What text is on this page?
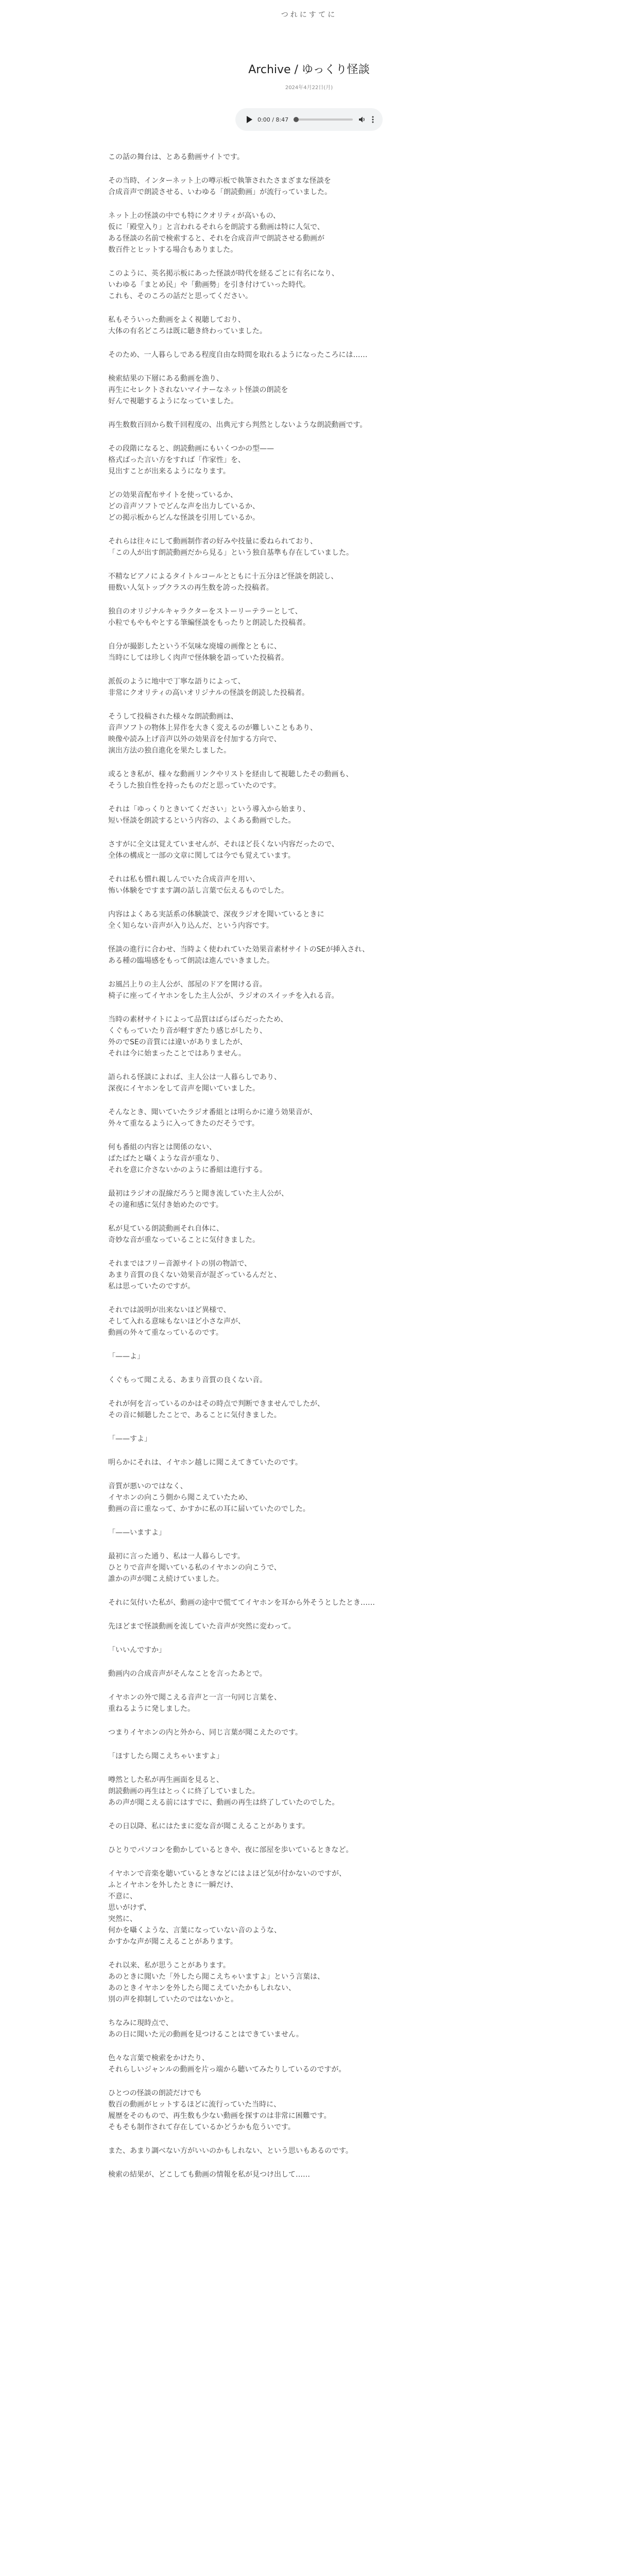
つれにすてに
Archive / ゆっくり怪談
2024年4月22日(月)
0:00 / 8:47

この話の舞台は、とある動画サイトです。

その当時、インターネット上の噂示板で執筆されたさまざまな怪談を
合成音声で朗読させる、いわゆる「朗読動画」が流行っていました。

ネット上の怪談の中でも特にクオリティが高いもの、
仮に「殿堂入り」と言われるそれらを朗読する動画は特に人気で、
ある怪談の名前で検索すると、それを合成音声で朗読させる動画が
数百件とヒットする場合もありました。

このように、英名掲示板にあった怪談が時代を経るごとに有名になり、
いわゆる「まとめ民」や「動画勢」を引き付けていった時代。
これも、そのころの話だと思ってください。

私もそういった動画をよく視聴しており、
大体の有名どころは既に聴き終わっていました。

そのため、一人暮らしである程度自由な時間を取れるようになったころには……

検索結果の下層にある動画を漁り、
再生にセレクトされないマイナーなネット怪談の朗読を
好んで視聴するようになっていました。

再生数数百回から数千回程度の、出典元すら判然としないような朗読動画です。

その段階になると、朗読動画にもいくつかの型——
格式ばった言い方をすれば「作家性」を、
見出すことが出来るようになります。

どの効果音配布サイトを使っているか、
どの音声ソフトでどんな声を出力しているか、
どの掲示板からどんな怪談を引用しているか。

それらは往々にして動画制作者の好みや技量に委ねられており、
「この人が出す朗読動画だから見る」という独自基準も存在していました。

不精なビアノによるタイトルコールとともに十五分ほど怪談を朗読し、
冊数い人気トップクラスの再生数を誇った投稿者。

独自のオリジナルキャラクターをストーリーテラーとして、
小粒でもやもやとする筆編怪談をもったりと朗読した投稿者。

自分が撮影したという不気味な廃墟の画像とともに、
当時にしては珍しく肉声で怪体験を語っていた投稿者。

派仮のように地中で丁寧な語りによって、
非常にクオリティの高いオリジナルの怪談を朗読した投稿者。

そうして投稿された様々な朗読動画は、
音声ソフトの物体上昇作を大きく変えるのが難しいこともあり、
映像や読み上げ音声以外の効果音を付加する方向で、
演出方法の独自進化を果たしました。

或るとき私が、様々な動画リンクやリストを経由して視聴したその動画も、
そうした独自性を持ったものだと思っていたのです。

それは「ゆっくりときいてください」という導入から始まり、
短い怪談を朗読するという内容の、よくある動画でした。

さすがに全文は覚えていませんが、それほど長くない内容だったので、
全体の構成と一部の文章に関しては今でも覚えています。

それは私も慣れ親しんでいた合成音声を用い、
怖い体験をですます調の話し言葉で伝えるものでした。

内容はよくある実話系の体験談で、深夜ラジオを聞いているときに
全く知らない音声が入り込んだ、という内容です。

怪談の進行に合わせ、当時よく使われていた効果音素材サイトのSEが挿入され、
ある種の臨場感をもって朗読は進んでいきました。

お風呂上りの主人公が、部屋のドアを開ける音。
椅子に座ってイヤホンをした主人公が、ラジオのスイッチを入れる音。

当時の素材サイトによって品質はばらばらだったため、
くぐもっていたり音が軽すぎたり感じがしたり、
外のでSEの音質には違いがありましたが、
それは今に始まったことではありません。

語られる怪談によれば、主人公は一人暮らしであり、
深夜にイヤホンをして音声を聞いていました。

そんなとき、聞いていたラジオ番組とは明らかに違う効果音が、
外々て重なるように入ってきたのだそうです。

何も番組の内容とは関係のない、
ぱたぱたと囁くような音が重なり、
それを意に介さないかのように番組は進行する。

最初はラジオの混線だろうと聞き流していた主人公が、
その違和感に気付き始めたのです。

私が見ている朗読動画それ自体に、
奇妙な音が重なっていることに気付きました。

それまではフリー音源サイトの別の物語で、
あまり音質の良くない効果音が混ざっているんだと、
私は思っていたのですが。

それでは説明が出来ないほど異様で、
そして入れる意味もないほど小さな声が、
動画の外々て重なっているのです。

「——よ」

くぐもって聞こえる、あまり音質の良くない音。

それが何を言っているのかはその時点で判断できませんでしたが、
その音に傾聴したことで、あることに気付きました。

「——すよ」

明らかにそれは、イヤホン越しに聞こえてきていたのです。

音質が悪いのではなく、
イヤホンの向こう側から聞こえていたため、
動画の音に重なって、かすかに私の耳に届いていたのでした。

「——いますよ」

最初に言った通り、私は一人暮らしです。
ひとりで音声を聞いている私のイヤホンの向こうで、
誰かの声が聞こえ続けていました。

それに気付いた私が、動画の途中で慌ててイヤホンを耳から外そうとしたとき……

先ほどまで怪談動画を流していた音声が突然に変わって。

「いいんですか」

動画内の合成音声がそんなことを言ったあとで。

イヤホンの外で聞こえる音声と一言一句同じ言葉を、
重ねるように発しました。

つまりイヤホンの内と外から、同じ言葉が聞こえたのです。

「ほすしたら聞こえちゃいますよ」

噂然とした私が再生画面を見ると、
朗読動画の再生はとっくに終了していました。
あの声が聞こえる前にはすでに、動画の再生は終了していたのでした。

その日以降、私にはたまに変な音が聞こえることがあります。

ひとりでパソコンを動かしているときや、夜に部屋を歩いているときなど。

イヤホンで音楽を聴いているときなどにはよほど気が付かないのですが、
ふとイヤホンを外したときに一瞬だけ、
不意に、
思いがけず、
突然に、
何かを囁くような、言葉になっていない音のような、
かすかな声が聞こえることがあります。

それ以来、私が思うことがあります。
あのときに聞いた「外したら聞こえちゃいますよ」という言葉は、
あのときイヤホンを外したら聞こえていたかもしれない、
別の声を抑制していたのではないかと。

ちなみに現時点で、
あの日に聞いた元の動画を見つけることはできていません。

色々な言葉で検索をかけたり、
それらしいジャンルの動画を片っ端から聴いてみたりしているのですが。

ひとつの怪談の朗読だけでも
数百の動画がヒットするほどに流行っていた当時に、
履歴をそのもので、再生数も少ない動画を探すのは非常に困難です。
そもそも制作されて存在しているかどうかも危ういです。

また、あまり調べない方がいいのかもしれない、という思いもあるのです。

検索の結果が、どこしても動画の情報を私が見つけ出して……
